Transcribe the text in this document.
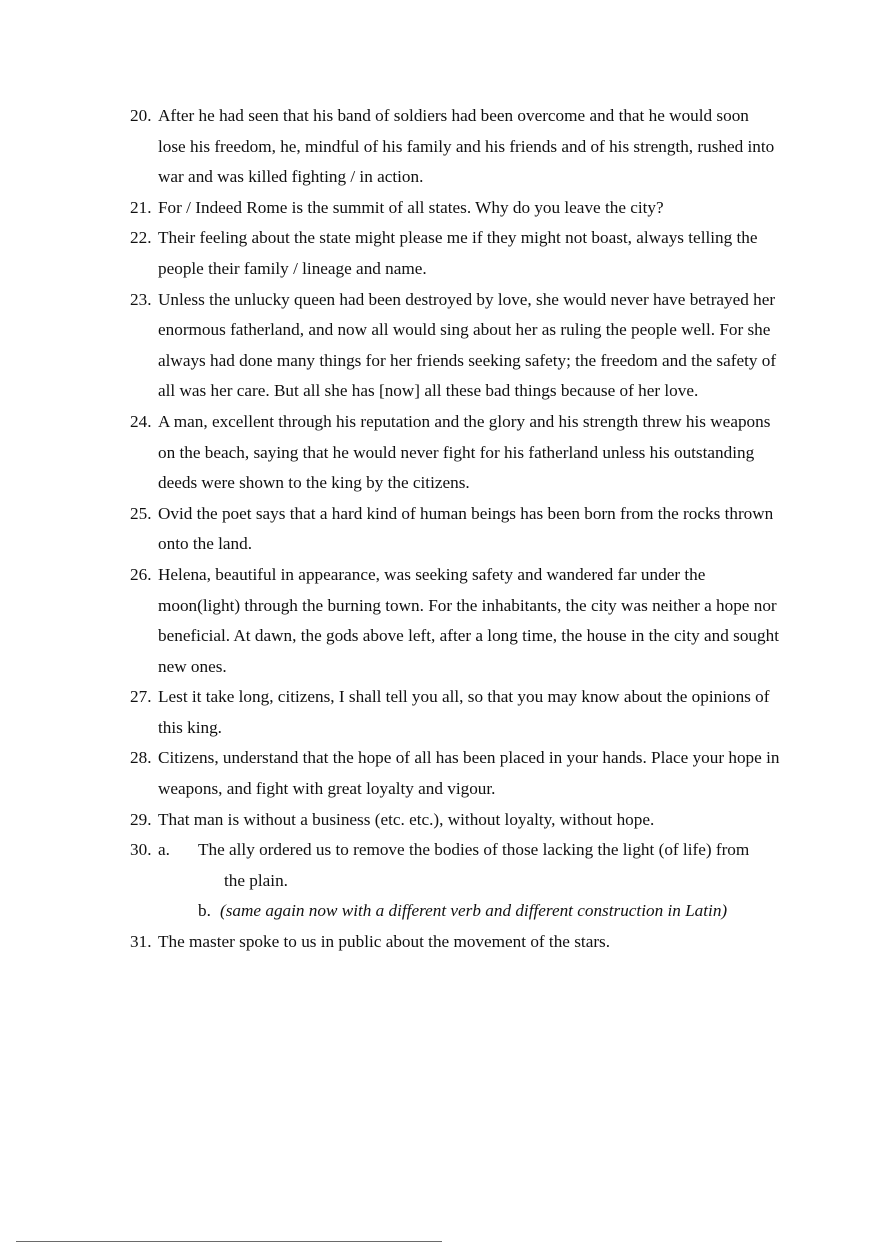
20. After he had seen that his band of soldiers had been overcome and that he would soon lose his freedom, he, mindful of his family and his friends and of his strength, rushed into war and was killed fighting / in action.
21. For / Indeed Rome is the summit of all states. Why do you leave the city?
22. Their feeling about the state might please me if they might not boast, always telling the people their family / lineage and name.
23. Unless the unlucky queen had been destroyed by love, she would never have betrayed her enormous fatherland, and now all would sing about her as ruling the people well. For she always had done many things for her friends seeking safety; the freedom and the safety of all was her care. But all she has [now] all these bad things because of her love.
24. A man, excellent through his reputation and the glory and his strength threw his weapons on the beach, saying that he would never fight for his fatherland unless his outstanding deeds were shown to the king by the citizens.
25. Ovid the poet says that a hard kind of human beings has been born from the rocks thrown onto the land.
26. Helena, beautiful in appearance, was seeking safety and wandered far under the moon(light) through the burning town. For the inhabitants, the city was neither a hope nor beneficial. At dawn, the gods above left, after a long time, the house in the city and sought new ones.
27. Lest it take long, citizens, I shall tell you all, so that you may know about the opinions of this king.
28. Citizens, understand that the hope of all has been placed in your hands. Place your hope in weapons, and fight with great loyalty and vigour.
29. That man is without a business (etc. etc.), without loyalty, without hope.
30. a. The ally ordered us to remove the bodies of those lacking the light (of life) from
the plain.
b. (same again now with a different verb and different construction in Latin)
31. The master spoke to us in public about the movement of the stars.
